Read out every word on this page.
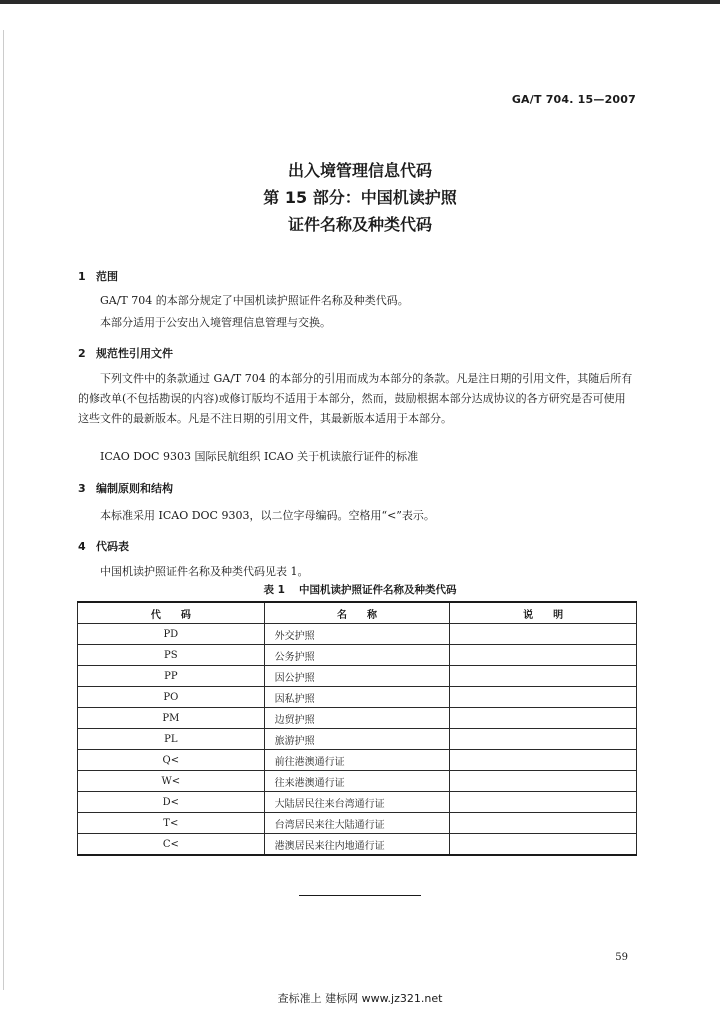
GA/T 704. 15—2007
出入境管理信息代码
第 15 部分：中国机读护照
证件名称及种类代码
1 范围
GA/T 704 的本部分规定了中国机读护照证件名称及种类代码。
本部分适用于公安出入境管理信息管理与交换。
2 规范性引用文件
下列文件中的条款通过 GA/T 704 的本部分的引用而成为本部分的条款。凡是注日期的引用文件，其随后所有的修改单(不包括勘误的内容)或修订版均不适用于本部分，然而，鼓励根据本部分达成协议的各方研究是否可使用这些文件的最新版本。凡是不注日期的引用文件，其最新版本适用于本部分。
ICAO DOC 9303 国际民航组织 ICAO 关于机读旅行证件的标准
3 编制原则和结构
本标准采用 ICAO DOC 9303，以二位字母编码。空格用“<”表示。
4 代码表
中国机读护照证件名称及种类代码见表 1。
表 1 中国机读护照证件名称及种类代码
代　　码	名　　称	说　　明
PD	外交护照	
PS	公务护照	
PP	因公护照	
PO	因私护照	
PM	边贸护照	
PL	旅游护照	
Q<	前往港澳通行证	
W<	往来港澳通行证	
D<	大陆居民往来台湾通行证	
T<	台湾居民来往大陆通行证	
C<	港澳居民来往内地通行证	
59
查标准上 建标网 www.jz321.net
